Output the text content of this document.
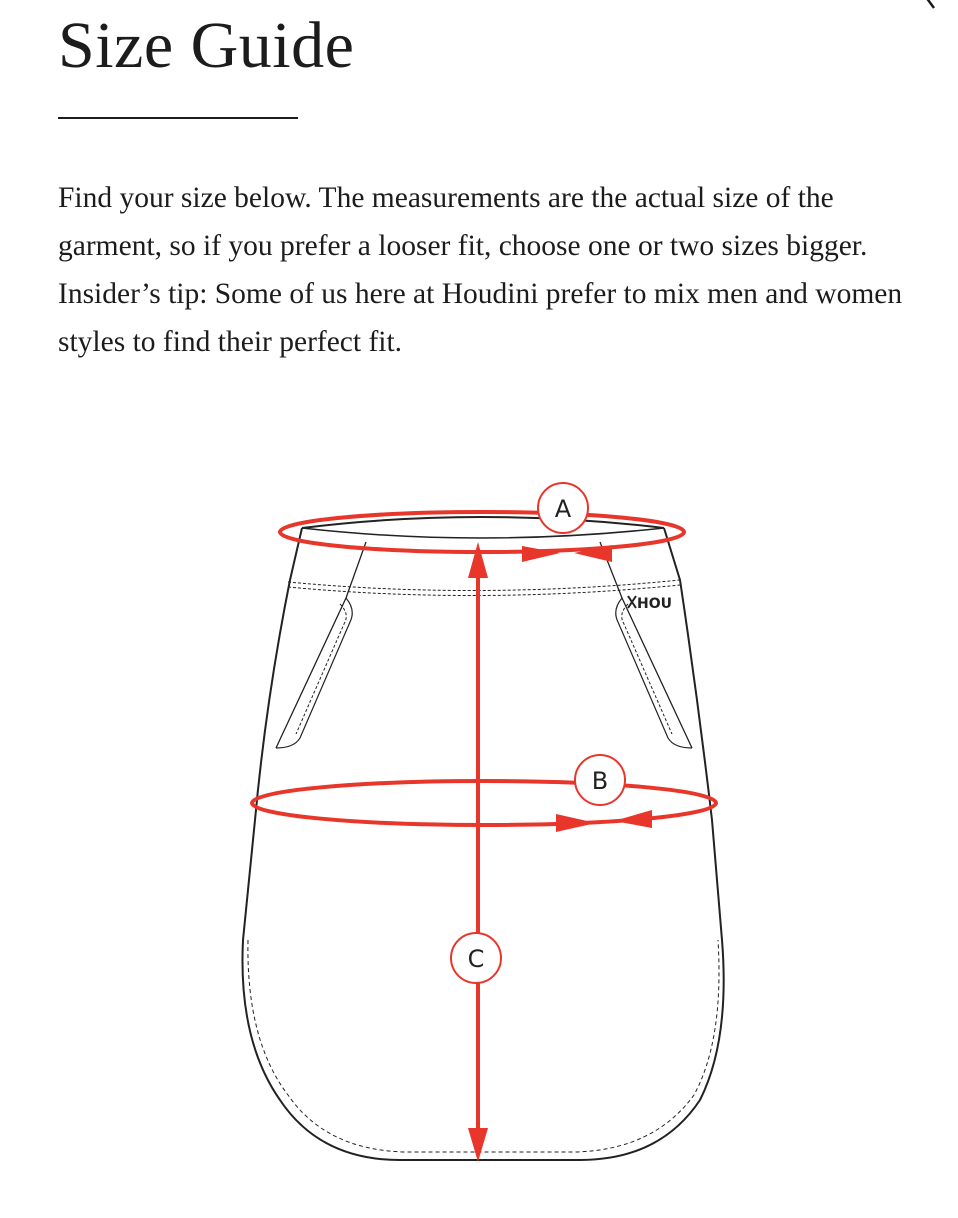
Size Guide

Find your size below. The measurements are the actual size of the garment, so if you prefer a looser fit, choose one or two sizes bigger. Insider’s tip: Some of us here at Houdini prefer to mix men and women styles to find their perfect fit.

HOU
A
B
C
